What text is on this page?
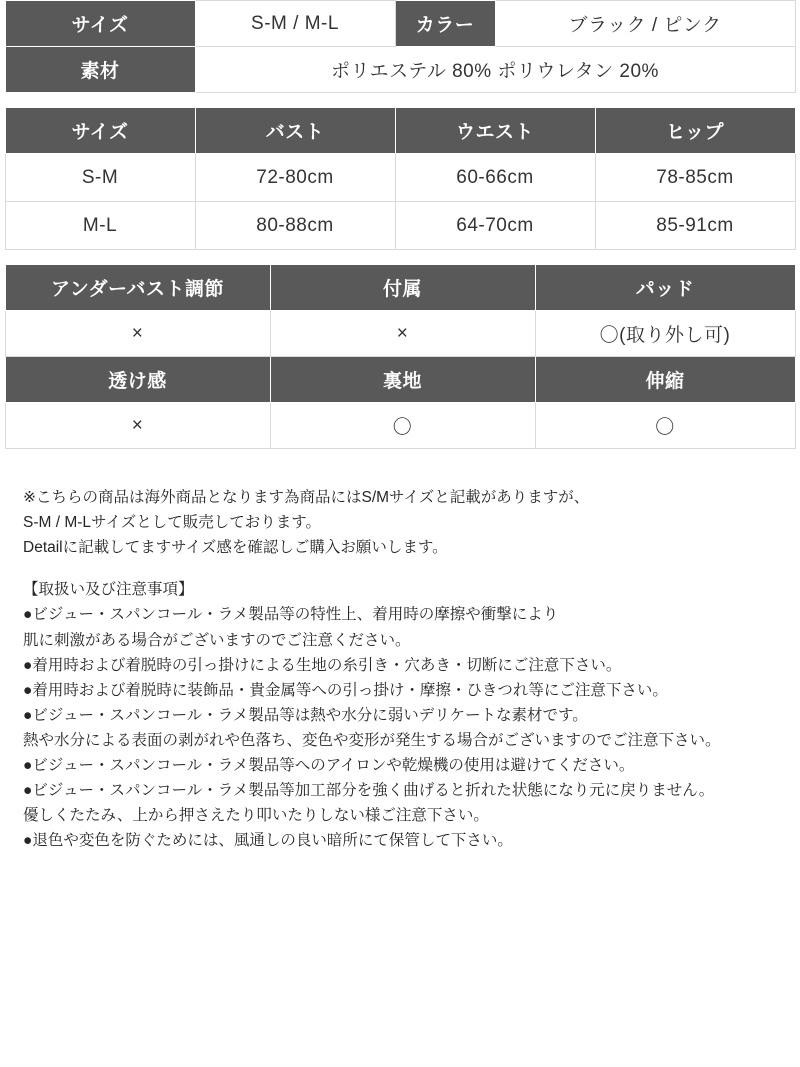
サイズ	S‐M / M‐L	カラー	ブラック / ピンク
素材	ポリエステル 80% ポリウレタン 20%		
サイズ	バスト	ウエスト	ヒップ
S‐M	72-80cm	60-66cm	78-85cm
M‐L	80-88cm	64-70cm	85-91cm
アンダーバスト調節	付属	パッド
×	×	〇(取り外し可)
透け感	裏地	伸縮
×	〇	〇

※こちらの商品は海外商品となります為商品にはS/Mサイズと記載がありますが、

S‐M / M‐Lサイズとして販売しております。

Detailに記載してますサイズ感を確認しご購入お願いします。

【取扱い及び注意事項】

●ビジュー・スパンコール・ラメ製品等の特性上、着用時の摩擦や衝撃により

肌に刺激がある場合がございますのでご注意ください。

●着用時および着脱時の引っ掛けによる生地の糸引き・穴あき・切断にご注意下さい。

●着用時および着脱時に装飾品・貴金属等への引っ掛け・摩擦・ひきつれ等にご注意下さい。

●ビジュー・スパンコール・ラメ製品等は熱や水分に弱いデリケートな素材です。

熱や水分による表面の剥がれや色落ち、変色や変形が発生する場合がございますのでご注意下さい。

●ビジュー・スパンコール・ラメ製品等へのアイロンや乾燥機の使用は避けてください。

●ビジュー・スパンコール・ラメ製品等加工部分を強く曲げると折れた状態になり元に戻りません。

優しくたたみ、上から押さえたり叩いたりしない様ご注意下さい。

●退色や変色を防ぐためには、風通しの良い暗所にて保管して下さい。
